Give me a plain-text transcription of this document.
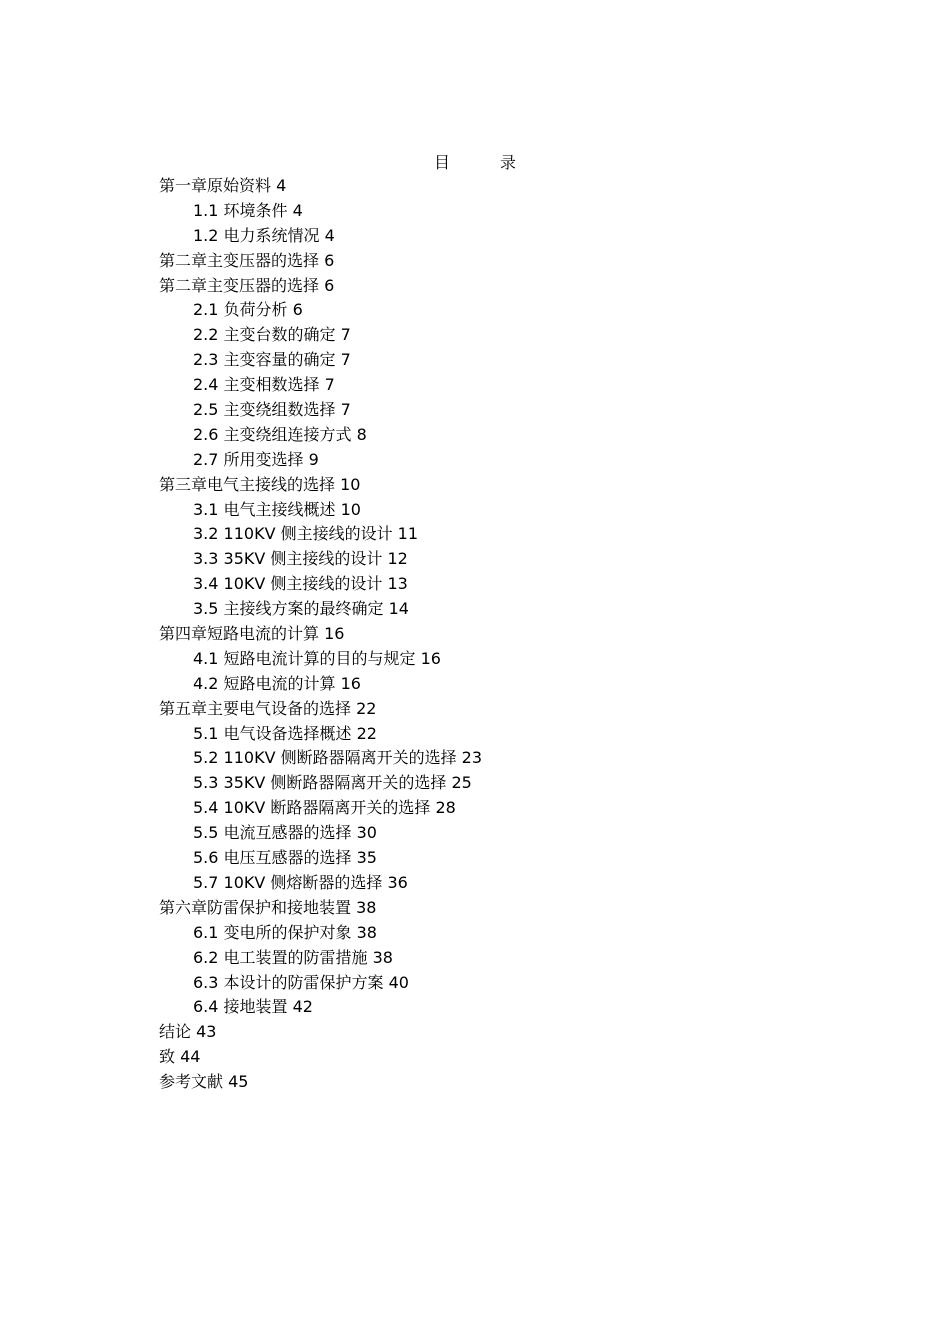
目	录
第一章原始资料 4
1.1 环境条件 4
1.2 电力系统情况 4
第二章主变压器的选择 6
第二章主变压器的选择 6
2.1 负荷分析 6
2.2 主变台数的确定 7
2.3 主变容量的确定 7
2.4 主变相数选择 7
2.5 主变绕组数选择 7
2.6 主变绕组连接方式 8
2.7 所用变选择 9
第三章电气主接线的选择 10
3.1 电气主接线概述 10
3.2 110KV 侧主接线的设计 11
3.3 35KV 侧主接线的设计 12
3.4 10KV 侧主接线的设计 13
3.5 主接线方案的最终确定 14
第四章短路电流的计算 16
4.1 短路电流计算的目的与规定 16
4.2 短路电流的计算 16
第五章主要电气设备的选择 22
5.1 电气设备选择概述 22
5.2 110KV 侧断路器隔离开关的选择 23
5.3 35KV 侧断路器隔离开关的选择 25
5.4 10KV 断路器隔离开关的选择 28
5.5 电流互感器的选择 30
5.6 电压互感器的选择 35
5.7 10KV 侧熔断器的选择 36
第六章防雷保护和接地装置 38
6.1 变电所的保护对象 38
6.2 电工装置的防雷措施 38
6.3 本设计的防雷保护方案 40
6.4 接地装置 42
结论 43
致 44
参考文献 45
